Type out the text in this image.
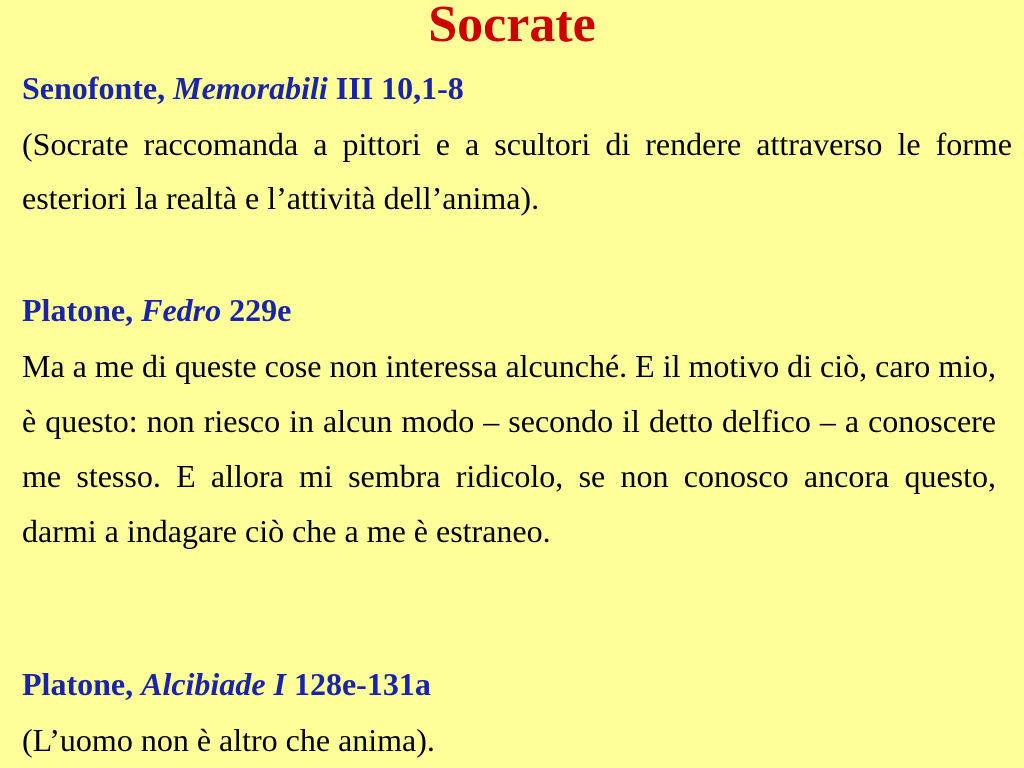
Socrate
Senofonte, Memorabili III 10,1-8

(Socrate raccomanda a pittori e a scultori di rendere attraverso le forme esteriori la realtà e l’attività dell’anima).

Platone, Fedro 229e

Ma a me di queste cose non interessa alcunché. E il motivo di ciò, caro mio, è questo: non riesco in alcun modo – secondo il detto delfico – a conoscere me stesso. E allora mi sembra ridicolo, se non conosco ancora questo, darmi a indagare ciò che a me è estraneo.

Platone, Alcibiade I 128e-131a

(L’uomo non è altro che anima).
